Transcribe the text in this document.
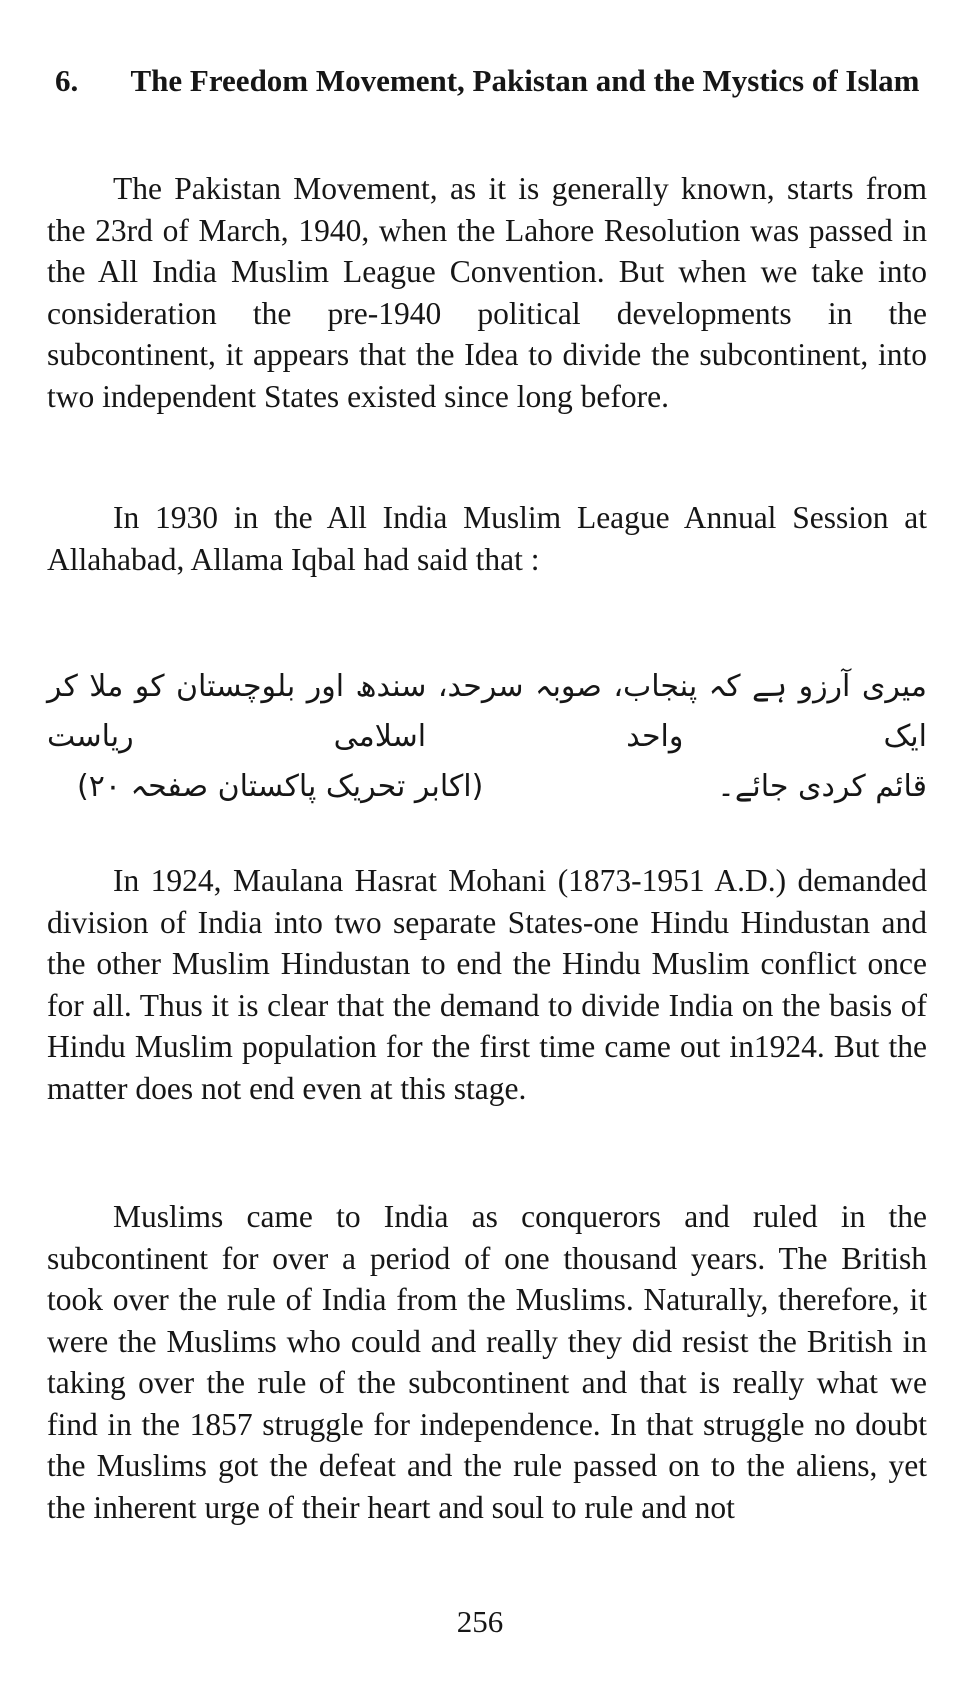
6. The Freedom Movement, Pakistan and the Mystics of Islam

The Pakistan Movement, as it is generally known, starts from the 23rd of March, 1940, when the Lahore Resolution was passed in the All India Muslim League Convention. But when we take into consideration the pre-1940 political developments in the subcontinent, it appears that the Idea to divide the subcontinent, into two independent States existed since long before.

In 1930 in the All India Muslim League Annual Session at Allahabad, Allama Iqbal had said that :

میری آرزو ہے کہ پنجاب، صوبہ سرحد، سندھ اور بلوچستان کو ملا کر ایک واحد اسلامی ریاست
قائم کردی جائے۔
(اکابر تحریک پاکستان صفحہ ۲۰)

In 1924, Maulana Hasrat Mohani (1873-1951 A.D.) demanded division of India into two separate States-one Hindu Hindustan and the other Muslim Hindustan to end the Hindu Muslim conflict once for all. Thus it is clear that the demand to divide India on the basis of Hindu Muslim population for the first time came out in1924. But the matter does not end even at this stage.

Muslims came to India as conquerors and ruled in the subcontinent for over a period of one thousand years. The British took over the rule of India from the Muslims. Naturally, therefore, it were the Muslims who could and really they did resist the British in taking over the rule of the subcontinent and that is really what we find in the 1857 struggle for independence. In that struggle no doubt the Muslims got the defeat and the rule passed on to the aliens, yet the inherent urge of their heart and soul to rule and not

256
